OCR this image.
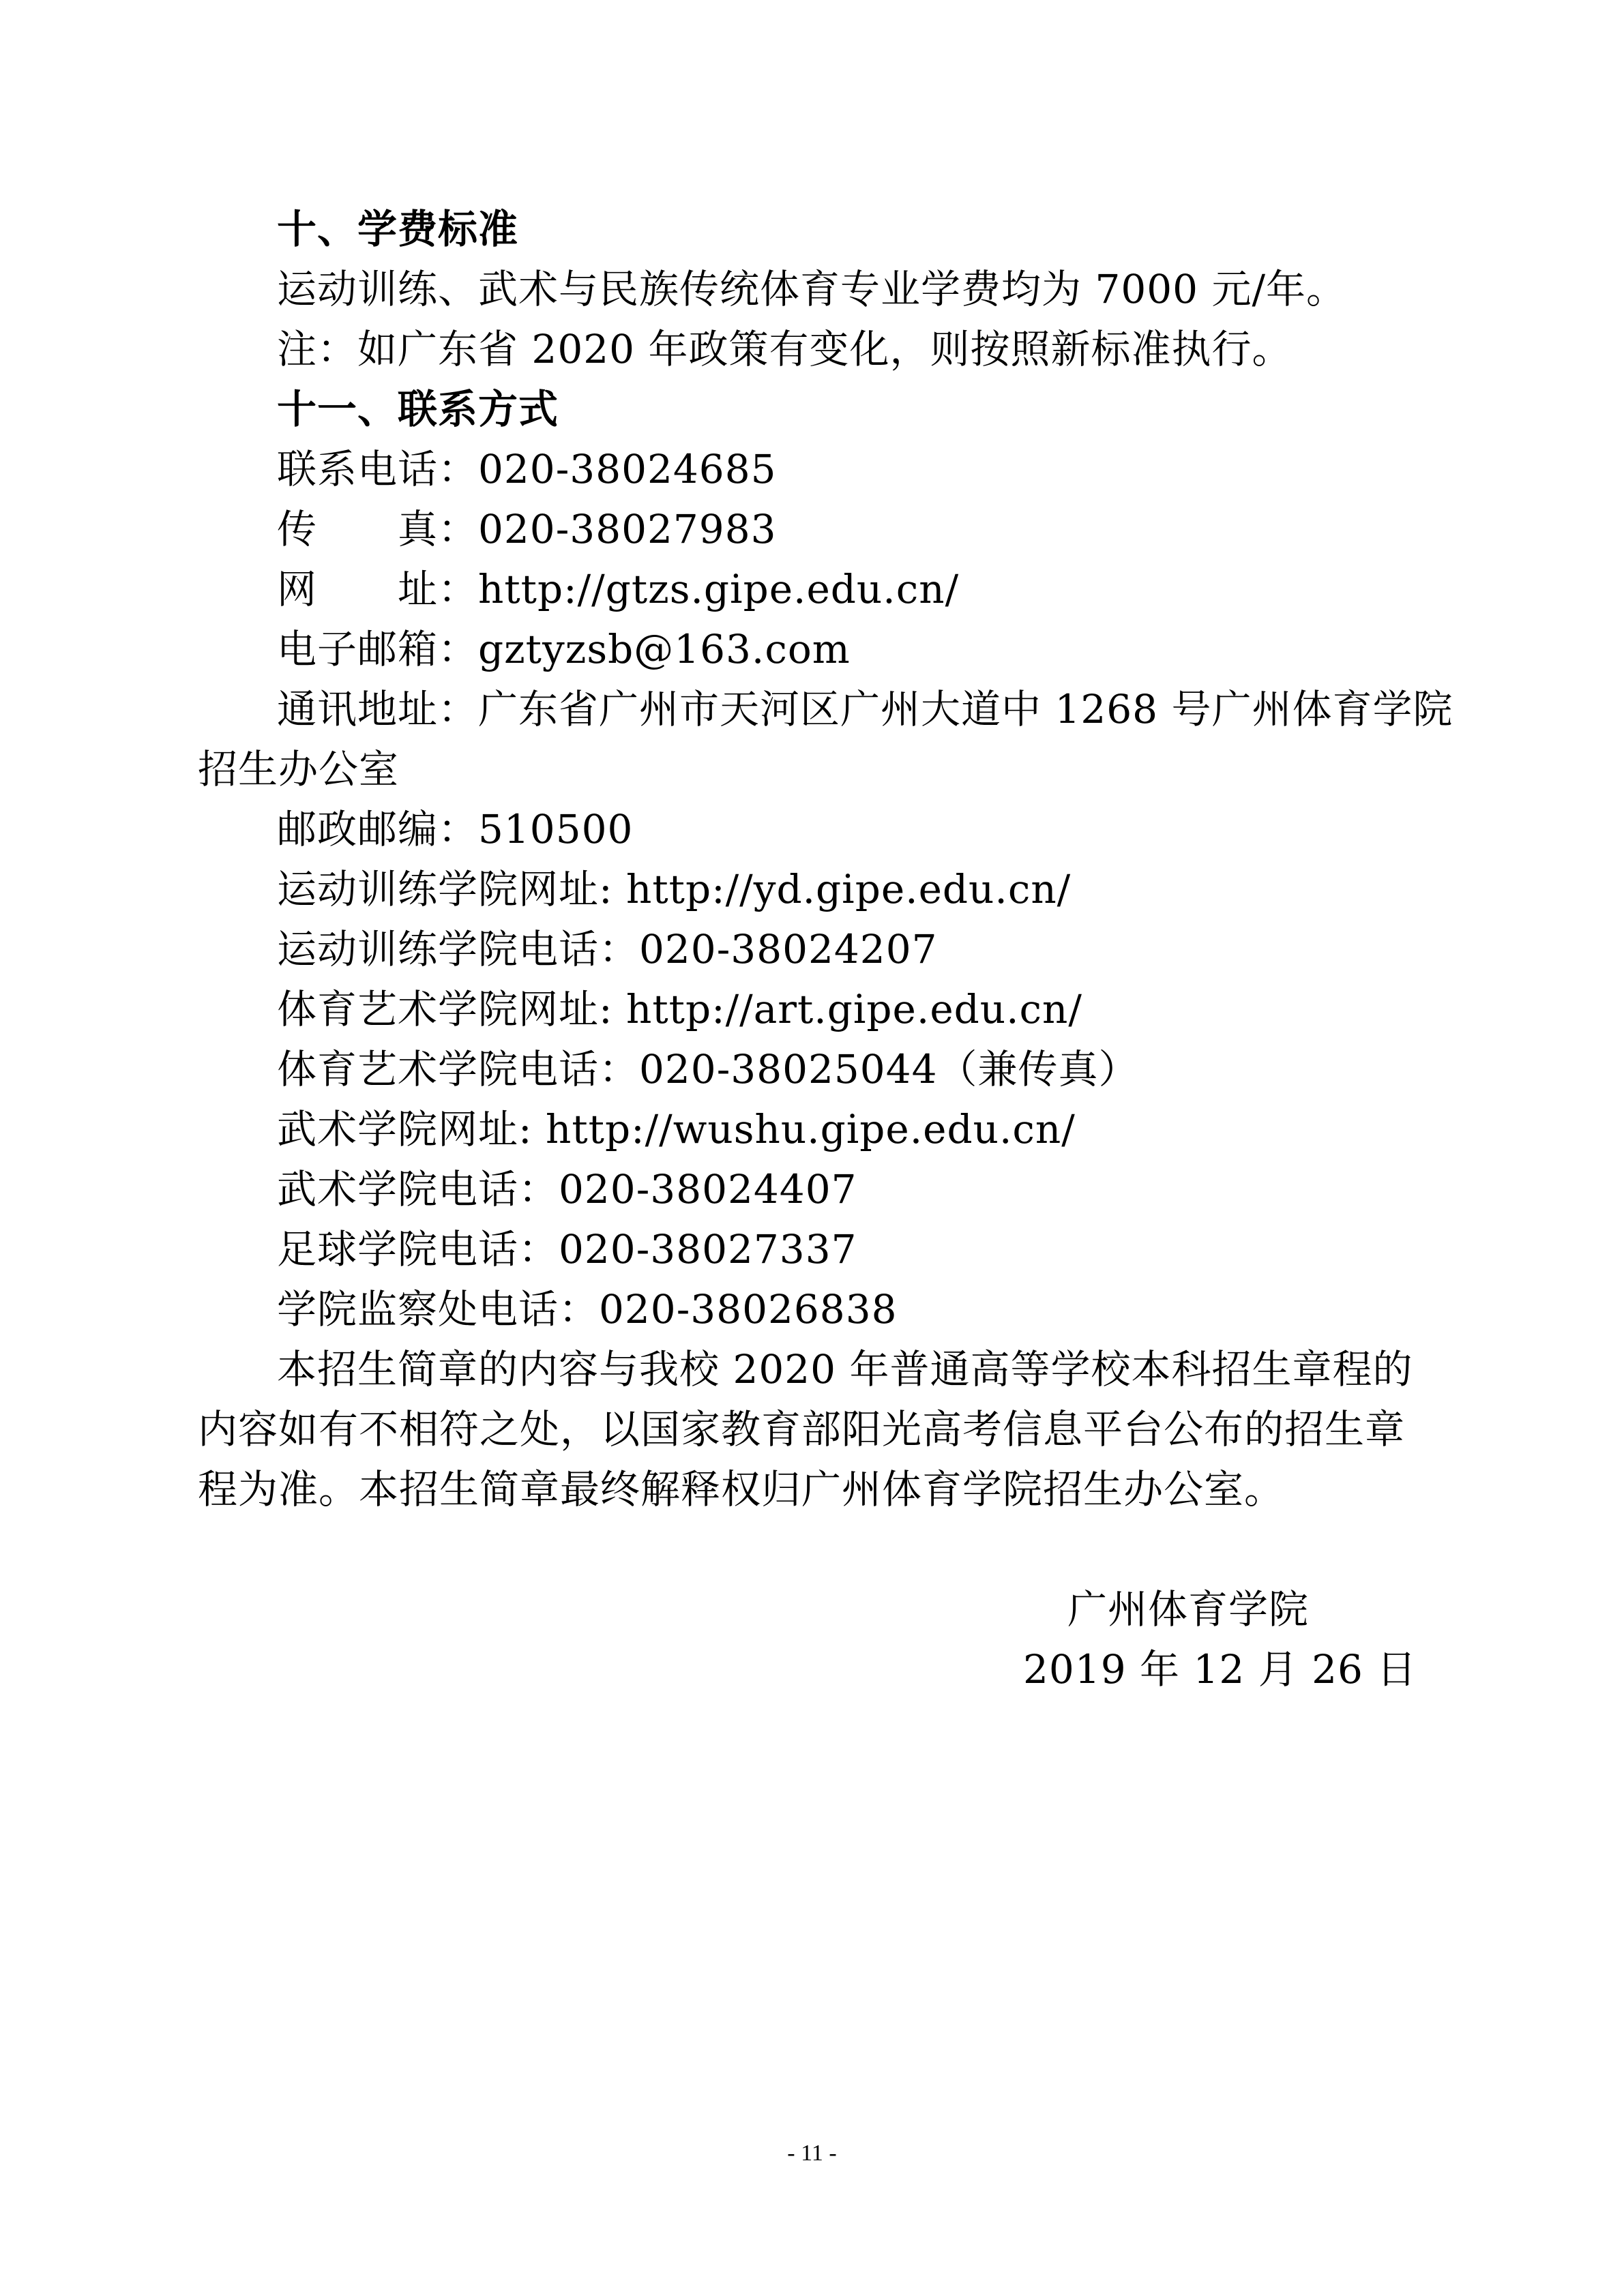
十、学费标准
运动训练、武术与民族传统体育专业学费均为 7000 元/年。
注：如广东省 2020 年政策有变化，则按照新标准执行。
十一、联系方式
联系电话：020-38024685
传　　真：020-38027983
网　　址：http://gtzs.gipe.edu.cn/
电子邮箱：gztyzsb@163.com
通讯地址：广东省广州市天河区广州大道中 1268 号广州体育学院
招生办公室
邮政邮编：510500
运动训练学院网址: http://yd.gipe.edu.cn/
运动训练学院电话：020-38024207
体育艺术学院网址: http://art.gipe.edu.cn/
体育艺术学院电话：020-38025044（兼传真）
武术学院网址: http://wushu.gipe.edu.cn/
武术学院电话：020-38024407
足球学院电话：020-38027337
学院监察处电话：020-38026838
本招生简章的内容与我校 2020 年普通高等学校本科招生章程的
内容如有不相符之处，以国家教育部阳光高考信息平台公布的招生章
程为准。本招生简章最终解释权归广州体育学院招生办公室。
广州体育学院
2019 年 12 月 26 日
- 11 -
